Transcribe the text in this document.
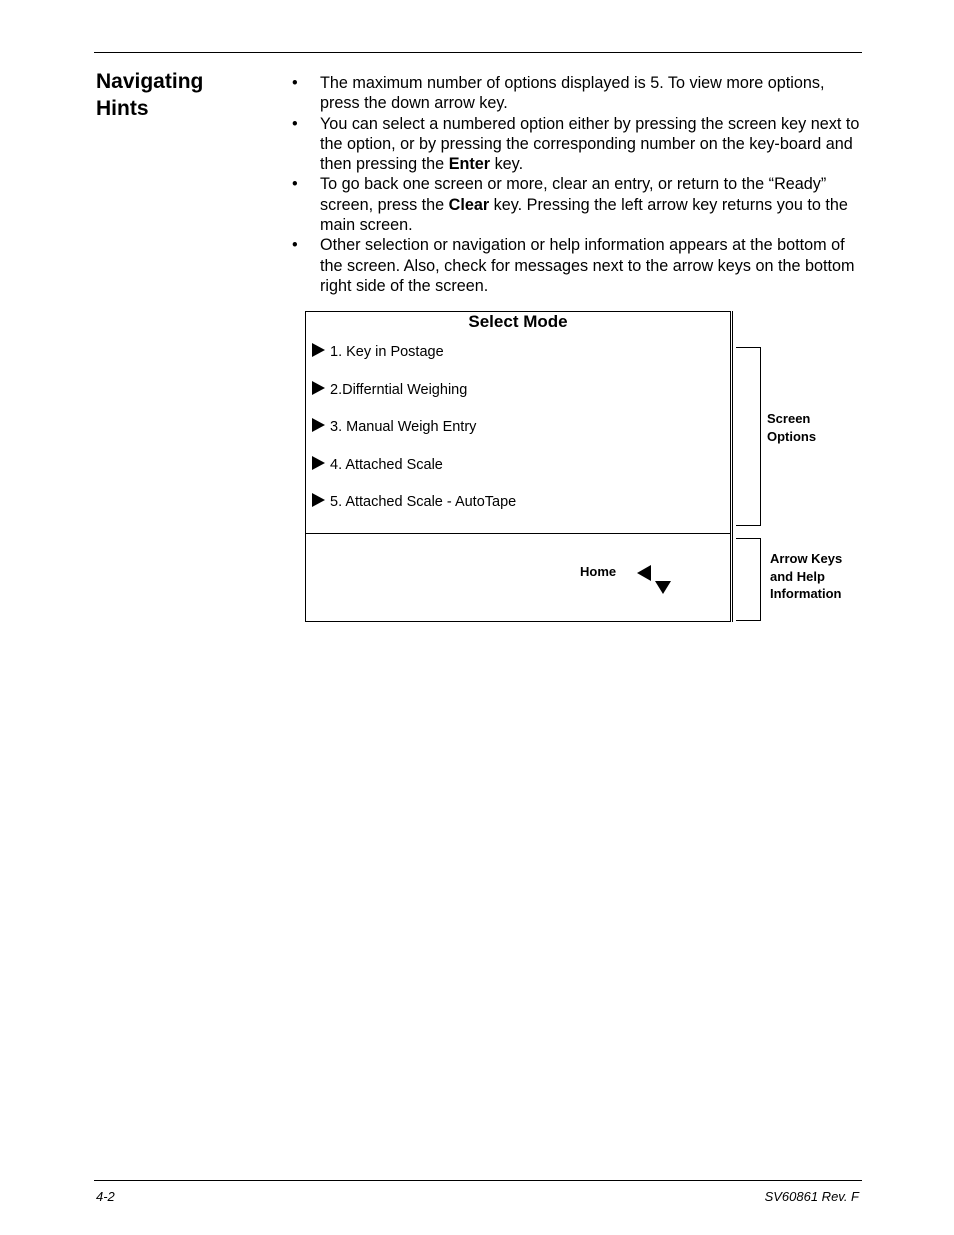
Navigating
Hints
• The maximum number of options displayed is 5. To view more options, press the down arrow key.
• You can select a numbered option either by pressing the screen key next to the option, or by pressing the corresponding number on the key-board and then pressing the Enter key.
• To go back one screen or more, clear an entry, or return to the “Ready” screen, press the Clear key. Pressing the left arrow key returns you to the main screen.
• Other selection or navigation or help information appears at the bottom of the screen. Also, check for messages next to the arrow keys on the bottom right side of the screen.
Select Mode
1. Key in Postage
2.Differntial Weighing
3. Manual Weigh Entry
4. Attached Scale
5. Attached Scale - AutoTape
Home
Screen
Options
Arrow Keys
and Help
Information
4-2	SV60861 Rev. F
